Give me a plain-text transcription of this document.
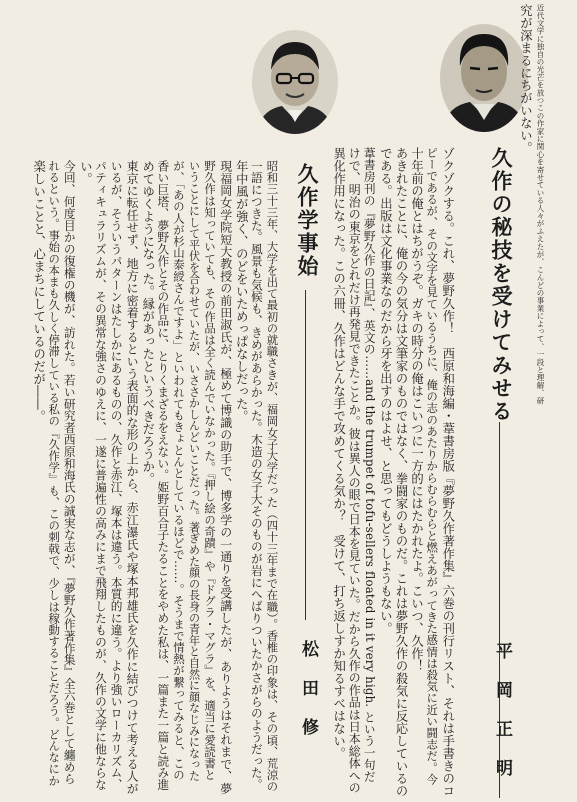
近代文学に独自の光芒を放つこの作家に関心を寄せている人々がふえたが、こんどの事業によって、一段と理解、研
究が深まるにちがいない。
久作の秘技を受けてみせる
平岡正明
ゾクゾクする。これ、夢野久作！　西原和海編・葦書房版『夢野久作著作集』六巻の刊行リスト、それは手書きのコ
ピーであるが、その文字を見ているうちに、俺の志のあたりからむらむらと燃えあがってきた感情は殺気に近い闘志だ。今
十年前の俺とはちがうぞ。ガキの時分の俺はこいつに一方的にはたかれたよ。こいつ、久作！
あきれたことに、俺の今の気分は文筆家のものではなく、拳闘家のものだ。これは夢野久作の殺気に反応しているの
である。出版は文化事業なのだから牙を出すのはよせ、と思ってもどうしようもない。
葦書房刊の『夢野久作の日記』、英文の……and the trumpet of tofu-sellers floated in it very high. という一句だ
けで、明治の東京をどれだけ再発見できたことか。彼は異人の眼で日本を見ていた。だから久作の作品は日本総体への
異化作用になった。この六冊、久作はどんな手で攻めてくる気か？　受けて、打ち返しすか知るすべはない。
久作学事始
松田修
昭和三十三年、大学を出て最初の就職さきが、福岡女子大学だった（四十三年まで在職）。香椎の印象は、その頃、荒涼の
一語につきた。風景も気候も、きめがあらかった。木造の女子大そのものが岩にへばりついたかさがらのようだった。
年中風が強く、のどをいためっぱなしだった。
現福岡女学院短大教授の前田淑氏が、極めて博識の助手で、博多学の一通りを受講したが、ありようはそれまで、夢
野久作は知っていても、その作品は全く読んでいなかった。『押し絵の奇蹟』や『ドグラ・マグラ』を、適当に愛読書と
いうことにして平伏を合わせていたが、いささかしんどいことだった。著ぎめた顔の長身の青年と自然に顔なじみになった
が、「あの人が杉山泰綬さんですよ」といわれてもきょとんとしているほどで……。そうまで情熱が繋ってみると、この
香い巨塔、夢野久作とその作品に、とりくまざるをえない。姫野百合子たることをやめた私は、一篇また一篇と読み進
めてゆくようになった。縁があったというべきだろうか。
東京に転任せず、地方に密着するという表面的な形の上から、赤江瀑氏や塚本邦雄氏を久作に結びつけて考える人が
いるが、そういうパターンはたしかにあるものの、久作と赤江、塚本は違う。本質的に違う。より強いローカリズム、
パティキュラリズムが、その異常な強さのゆえに、一遂に普遍性の高みにまで飛翔したものが、久作の文学に他ならな
い。
今回、何度目かの復権の機が、訪れた。若い研究者西原和海氏の誠実な志が、『夢野久作著作集』全六巻として纏めら
れるという。事始の本まも久しく停滞している私の『久作学』も、この刺戟で、少しは稼動することだろう。どんなにか
楽しいことと、心まちにしているのだが――。
